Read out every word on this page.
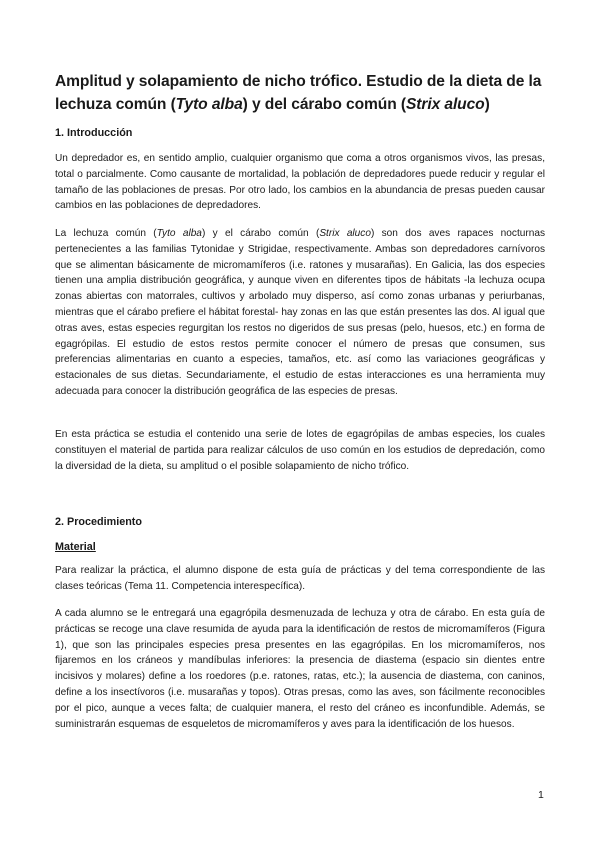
Amplitud y solapamiento de nicho trófico. Estudio de la dieta de la lechuza común (Tyto alba) y del cárabo común (Strix aluco)
1. Introducción

Un depredador es, en sentido amplio, cualquier organismo que coma a otros organismos vivos, las presas, total o parcialmente. Como causante de mortalidad, la población de depredadores puede reducir y regular el tamaño de las poblaciones de presas. Por otro lado, los cambios en la abundancia de presas pueden causar cambios en las poblaciones de depredadores.

La lechuza común (Tyto alba) y el cárabo común (Strix aluco) son dos aves rapaces nocturnas pertenecientes a las familias Tytonidae y Strigidae, respectivamente. Ambas son depredadores carnívoros que se alimentan básicamente de micromamíferos (i.e. ratones y musarañas). En Galicia, las dos especies tienen una amplia distribución geográfica, y aunque viven en diferentes tipos de hábitats -la lechuza ocupa zonas abiertas con matorrales, cultivos y arbolado muy disperso, así como zonas urbanas y periurbanas, mientras que el cárabo prefiere el hábitat forestal- hay zonas en las que están presentes las dos. Al igual que otras aves, estas especies regurgitan los restos no digeridos de sus presas (pelo, huesos, etc.) en forma de egagrópilas. El estudio de estos restos permite conocer el número de presas que consumen, sus preferencias alimentarias en cuanto a especies, tamaños, etc. así como las variaciones geográficas y estacionales de sus dietas. Secundariamente, el estudio de estas interacciones es una herramienta muy adecuada para conocer la distribución geográfica de las especies de presas.

En esta práctica se estudia el contenido una serie de lotes de egagrópilas de ambas especies, los cuales constituyen el material de partida para realizar cálculos de uso común en los estudios de depredación, como la diversidad de la dieta, su amplitud o el posible solapamiento de nicho trófico.

2. Procedimiento
Material

Para realizar la práctica, el alumno dispone de esta guía de prácticas y del tema correspondiente de las clases teóricas (Tema 11. Competencia interespecífica).

A cada alumno se le entregará una egagrópila desmenuzada de lechuza y otra de cárabo. En esta guía de prácticas se recoge una clave resumida de ayuda para la identificación de restos de micromamíferos (Figura 1), que son las principales especies presa presentes en las egagrópilas. En los micromamíferos, nos fijaremos en los cráneos y mandíbulas inferiores: la presencia de diastema (espacio sin dientes entre incisivos y molares) define a los roedores (p.e. ratones, ratas, etc.); la ausencia de diastema, con caninos, define a los insectívoros (i.e. musarañas y topos). Otras presas, como las aves, son fácilmente reconocibles por el pico, aunque a veces falta; de cualquier manera, el resto del cráneo es inconfundible. Además, se suministrarán esquemas de esqueletos de micromamíferos y aves para la identificación de los huesos.

1
